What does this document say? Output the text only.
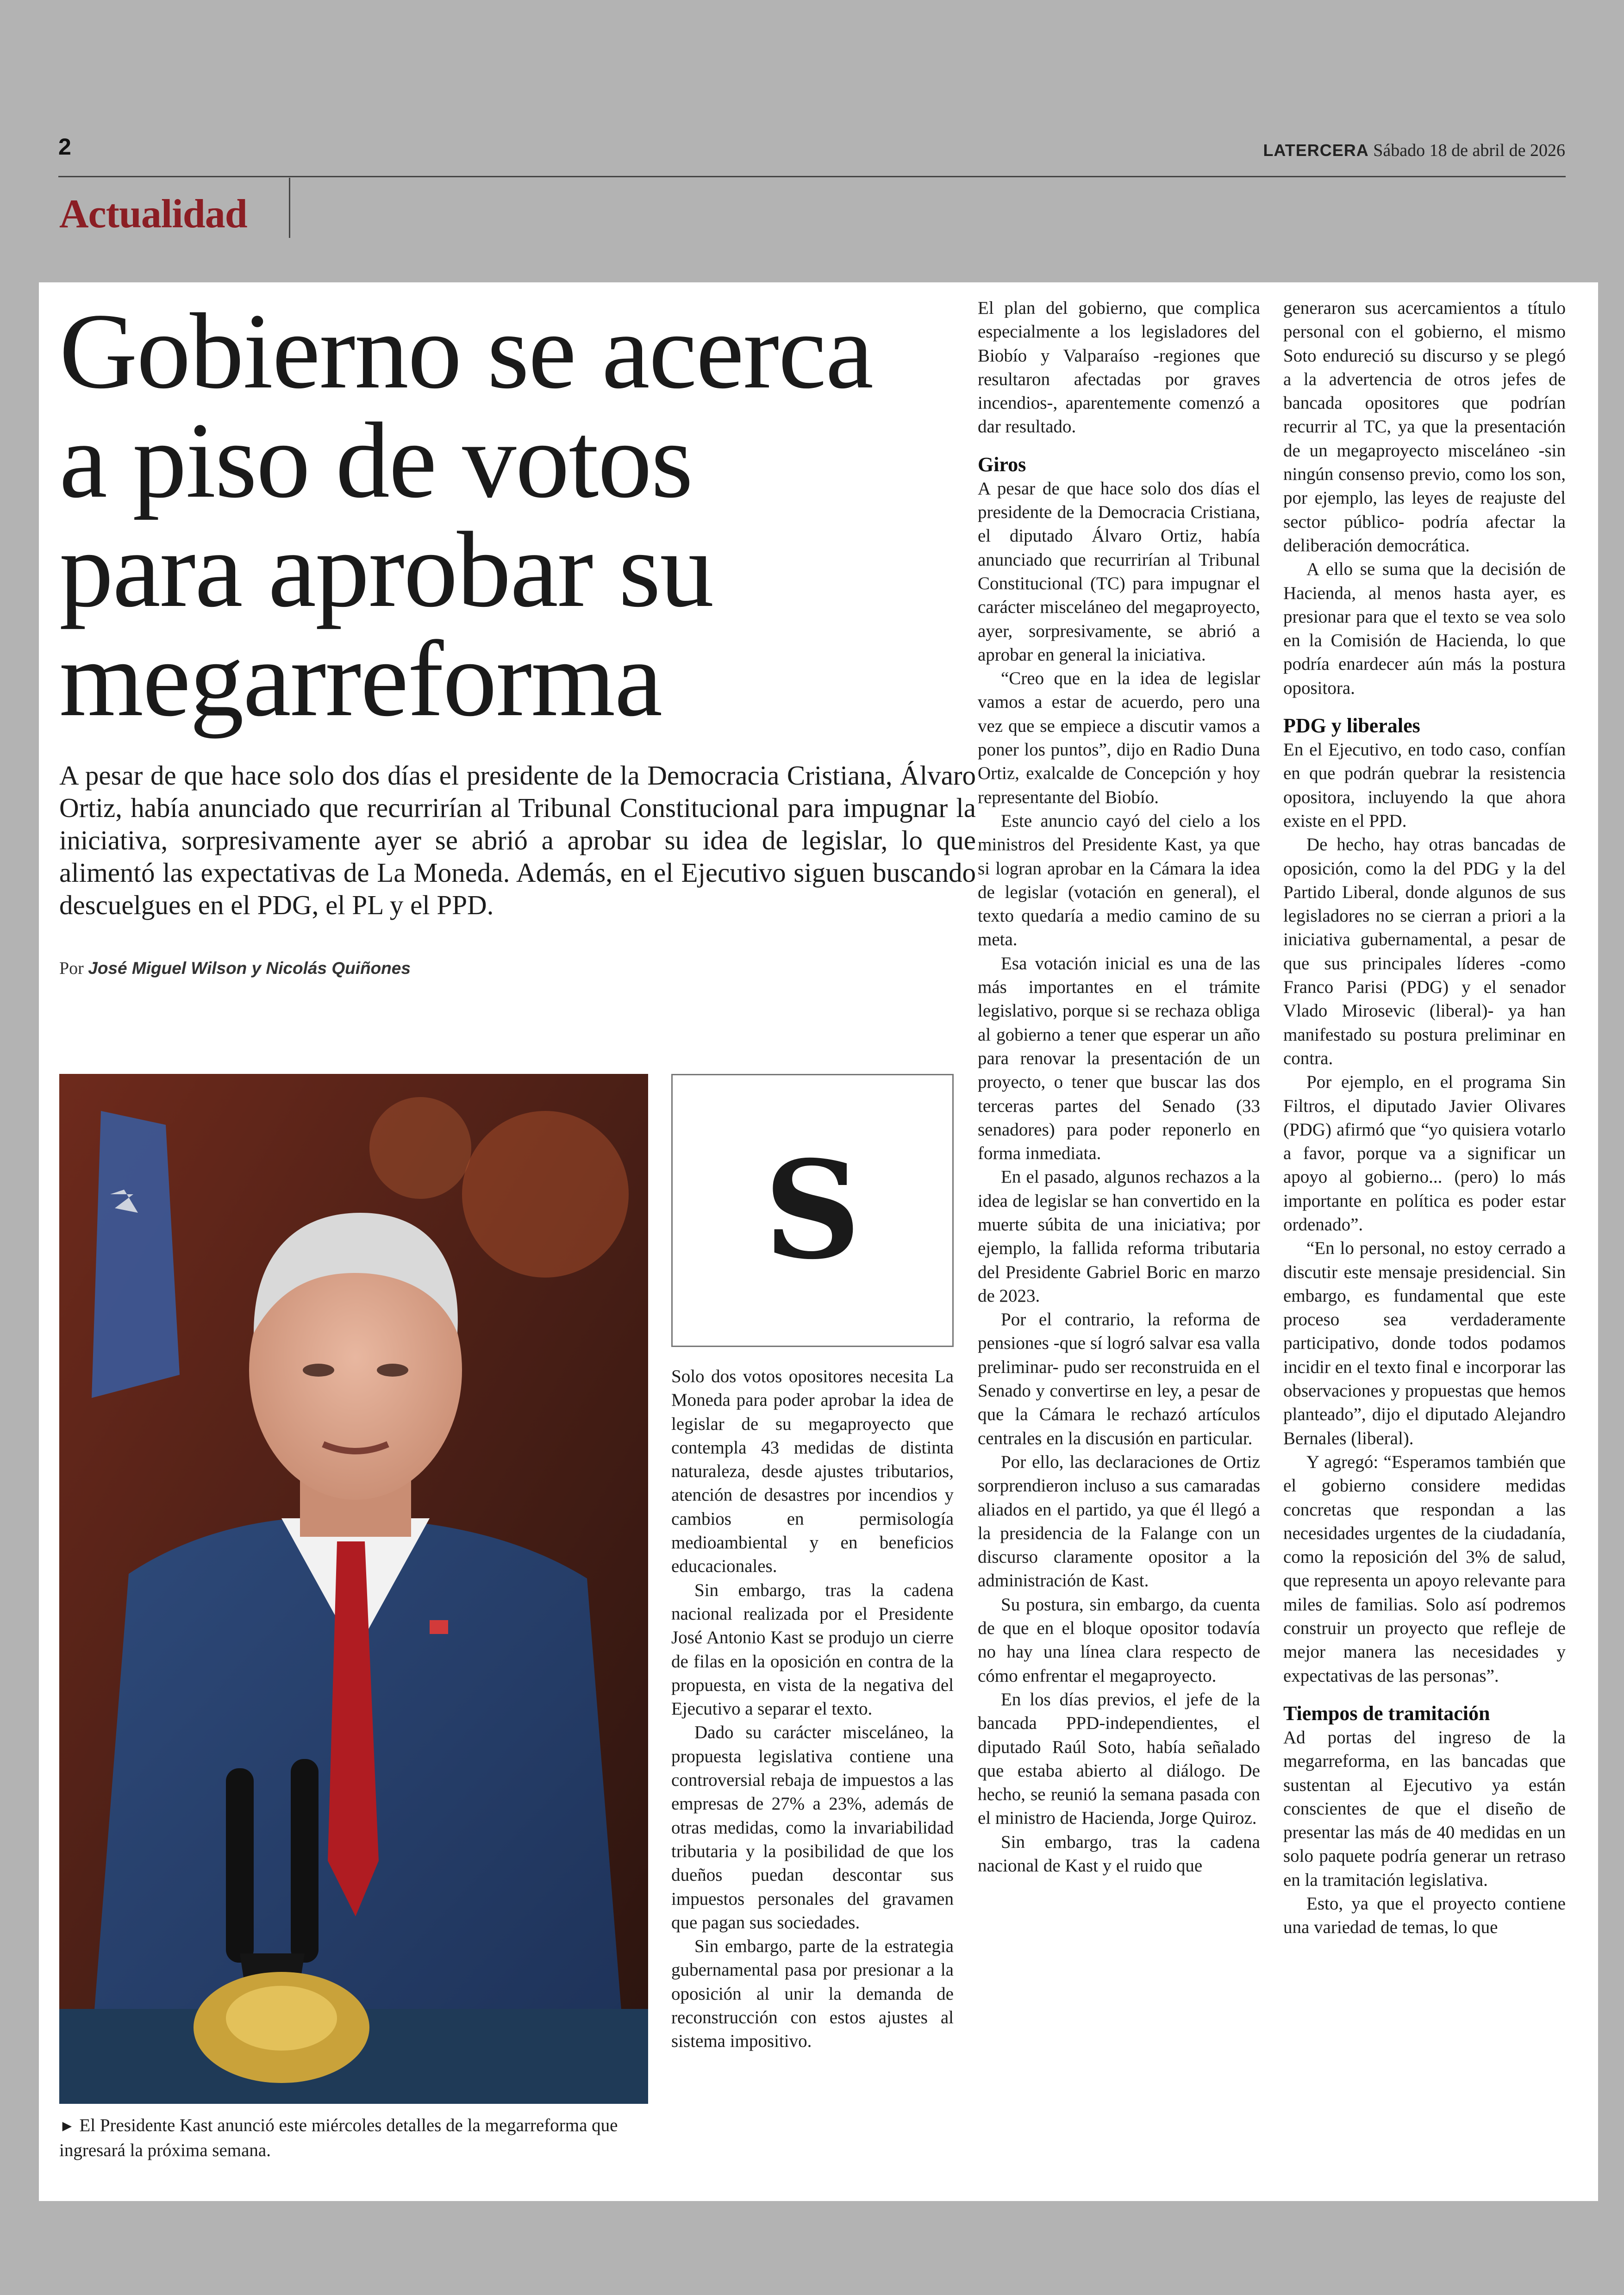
2	LATERCERA Sábado 18 de abril de 2026
Actualidad
Gobierno se acerca
a piso de votos
para aprobar su
megarreforma

A pesar de que hace solo dos días el presidente de la Democracia Cristiana, Álvaro Ortiz, había anunciado que recurrirían al Tribunal Constitucional para impugnar la iniciativa, sorpresivamente ayer se abrió a aprobar su idea de legislar, lo que alimentó las expectativas de La Moneda. Además, en el Ejecutivo siguen buscando descuelgues en el PDG, el PL y el PPD.

Por José Miguel Wilson y Nicolás Quiñones
► El Presidente Kast anunció este miércoles detalles de la megarreforma que ingresará la próxima semana.
S

Solo dos votos opositores necesita La Moneda para poder aprobar la idea de legislar de su megaproyecto que contempla 43 medidas de distinta naturaleza, desde ajustes tributarios, atención de desastres por incendios y cambios en permisología medioambiental y en beneficios educacionales.

Sin embargo, tras la cadena nacional realizada por el Presidente José Antonio Kast se produjo un cierre de filas en la oposición en contra de la propuesta, en vista de la negativa del Ejecutivo a separar el texto.

Dado su carácter misceláneo, la propuesta legislativa contiene una controversial rebaja de impuestos a las empresas de 27% a 23%, además de otras medidas, como la invariabilidad tributaria y la posibilidad de que los dueños puedan descontar sus impuestos personales del gravamen que pagan sus sociedades.

Sin embargo, parte de la estrategia gubernamental pasa por presionar a la oposición al unir la demanda de reconstrucción con estos ajustes al sistema impositivo.

El plan del gobierno, que complica especialmente a los legisladores del Biobío y Valparaíso -regiones que resultaron afectadas por graves incendios-, aparentemente comenzó a dar resultado.

Giros

A pesar de que hace solo dos días el presidente de la Democracia Cristiana, el diputado Álvaro Ortiz, había anunciado que recurrirían al Tribunal Constitucional (TC) para impugnar el carácter misceláneo del megaproyecto, ayer, sorpresivamente, se abrió a aprobar en general la iniciativa.

“Creo que en la idea de legislar vamos a estar de acuerdo, pero una vez que se empiece a discutir vamos a poner los puntos”, dijo en Radio Duna Ortiz, exalcalde de Concepción y hoy representante del Biobío.

Este anuncio cayó del cielo a los ministros del Presidente Kast, ya que si logran aprobar en la Cámara la idea de legislar (votación en general), el texto quedaría a medio camino de su meta.

Esa votación inicial es una de las más importantes en el trámite legislativo, porque si se rechaza obliga al gobierno a tener que esperar un año para renovar la presentación de un proyecto, o tener que buscar las dos terceras partes del Senado (33 senadores) para poder reponerlo en forma inmediata.

En el pasado, algunos rechazos a la idea de legislar se han convertido en la muerte súbita de una iniciativa; por ejemplo, la fallida reforma tributaria del Presidente Gabriel Boric en marzo de 2023.

Por el contrario, la reforma de pensiones -que sí logró salvar esa valla preliminar- pudo ser reconstruida en el Senado y convertirse en ley, a pesar de que la Cámara le rechazó artículos centrales en la discusión en particular.

Por ello, las declaraciones de Ortiz sorprendieron incluso a sus camaradas aliados en el partido, ya que él llegó a la presidencia de la Falange con un discurso claramente opositor a la administración de Kast.

Su postura, sin embargo, da cuenta de que en el bloque opositor todavía no hay una línea clara respecto de cómo enfrentar el megaproyecto.

En los días previos, el jefe de la bancada PPD-independientes, el diputado Raúl Soto, había señalado que estaba abierto al diálogo. De hecho, se reunió la semana pasada con el ministro de Hacienda, Jorge Quiroz.

Sin embargo, tras la cadena nacional de Kast y el ruido que

generaron sus acercamientos a título personal con el gobierno, el mismo Soto endureció su discurso y se plegó a la advertencia de otros jefes de bancada opositores que podrían recurrir al TC, ya que la presentación de un megaproyecto misceláneo -sin ningún consenso previo, como los son, por ejemplo, las leyes de reajuste del sector público- podría afectar la deliberación democrática.

A ello se suma que la decisión de Hacienda, al menos hasta ayer, es presionar para que el texto se vea solo en la Comisión de Hacienda, lo que podría enardecer aún más la postura opositora.

PDG y liberales

En el Ejecutivo, en todo caso, confían en que podrán quebrar la resistencia opositora, incluyendo la que ahora existe en el PPD.

De hecho, hay otras bancadas de oposición, como la del PDG y la del Partido Liberal, donde algunos de sus legisladores no se cierran a priori a la iniciativa gubernamental, a pesar de que sus principales líderes -como Franco Parisi (PDG) y el senador Vlado Mirosevic (liberal)- ya han manifestado su postura preliminar en contra.

Por ejemplo, en el programa Sin Filtros, el diputado Javier Olivares (PDG) afirmó que “yo quisiera votarlo a favor, porque va a significar un apoyo al gobierno... (pero) lo más importante en política es poder estar ordenado”.

“En lo personal, no estoy cerrado a discutir este mensaje presidencial. Sin embargo, es fundamental que este proceso sea verdaderamente participativo, donde todos podamos incidir en el texto final e incorporar las observaciones y propuestas que hemos planteado”, dijo el diputado Alejandro Bernales (liberal).

Y agregó: “Esperamos también que el gobierno considere medidas concretas que respondan a las necesidades urgentes de la ciudadanía, como la reposición del 3% de salud, que representa un apoyo relevante para miles de familias. Solo así podremos construir un proyecto que refleje de mejor manera las necesidades y expectativas de las personas”.

Tiempos de tramitación

Ad portas del ingreso de la megarreforma, en las bancadas que sustentan al Ejecutivo ya están conscientes de que el diseño de presentar las más de 40 medidas en un solo paquete podría generar un retraso en la tramitación legislativa.

Esto, ya que el proyecto contiene una variedad de temas, lo que
